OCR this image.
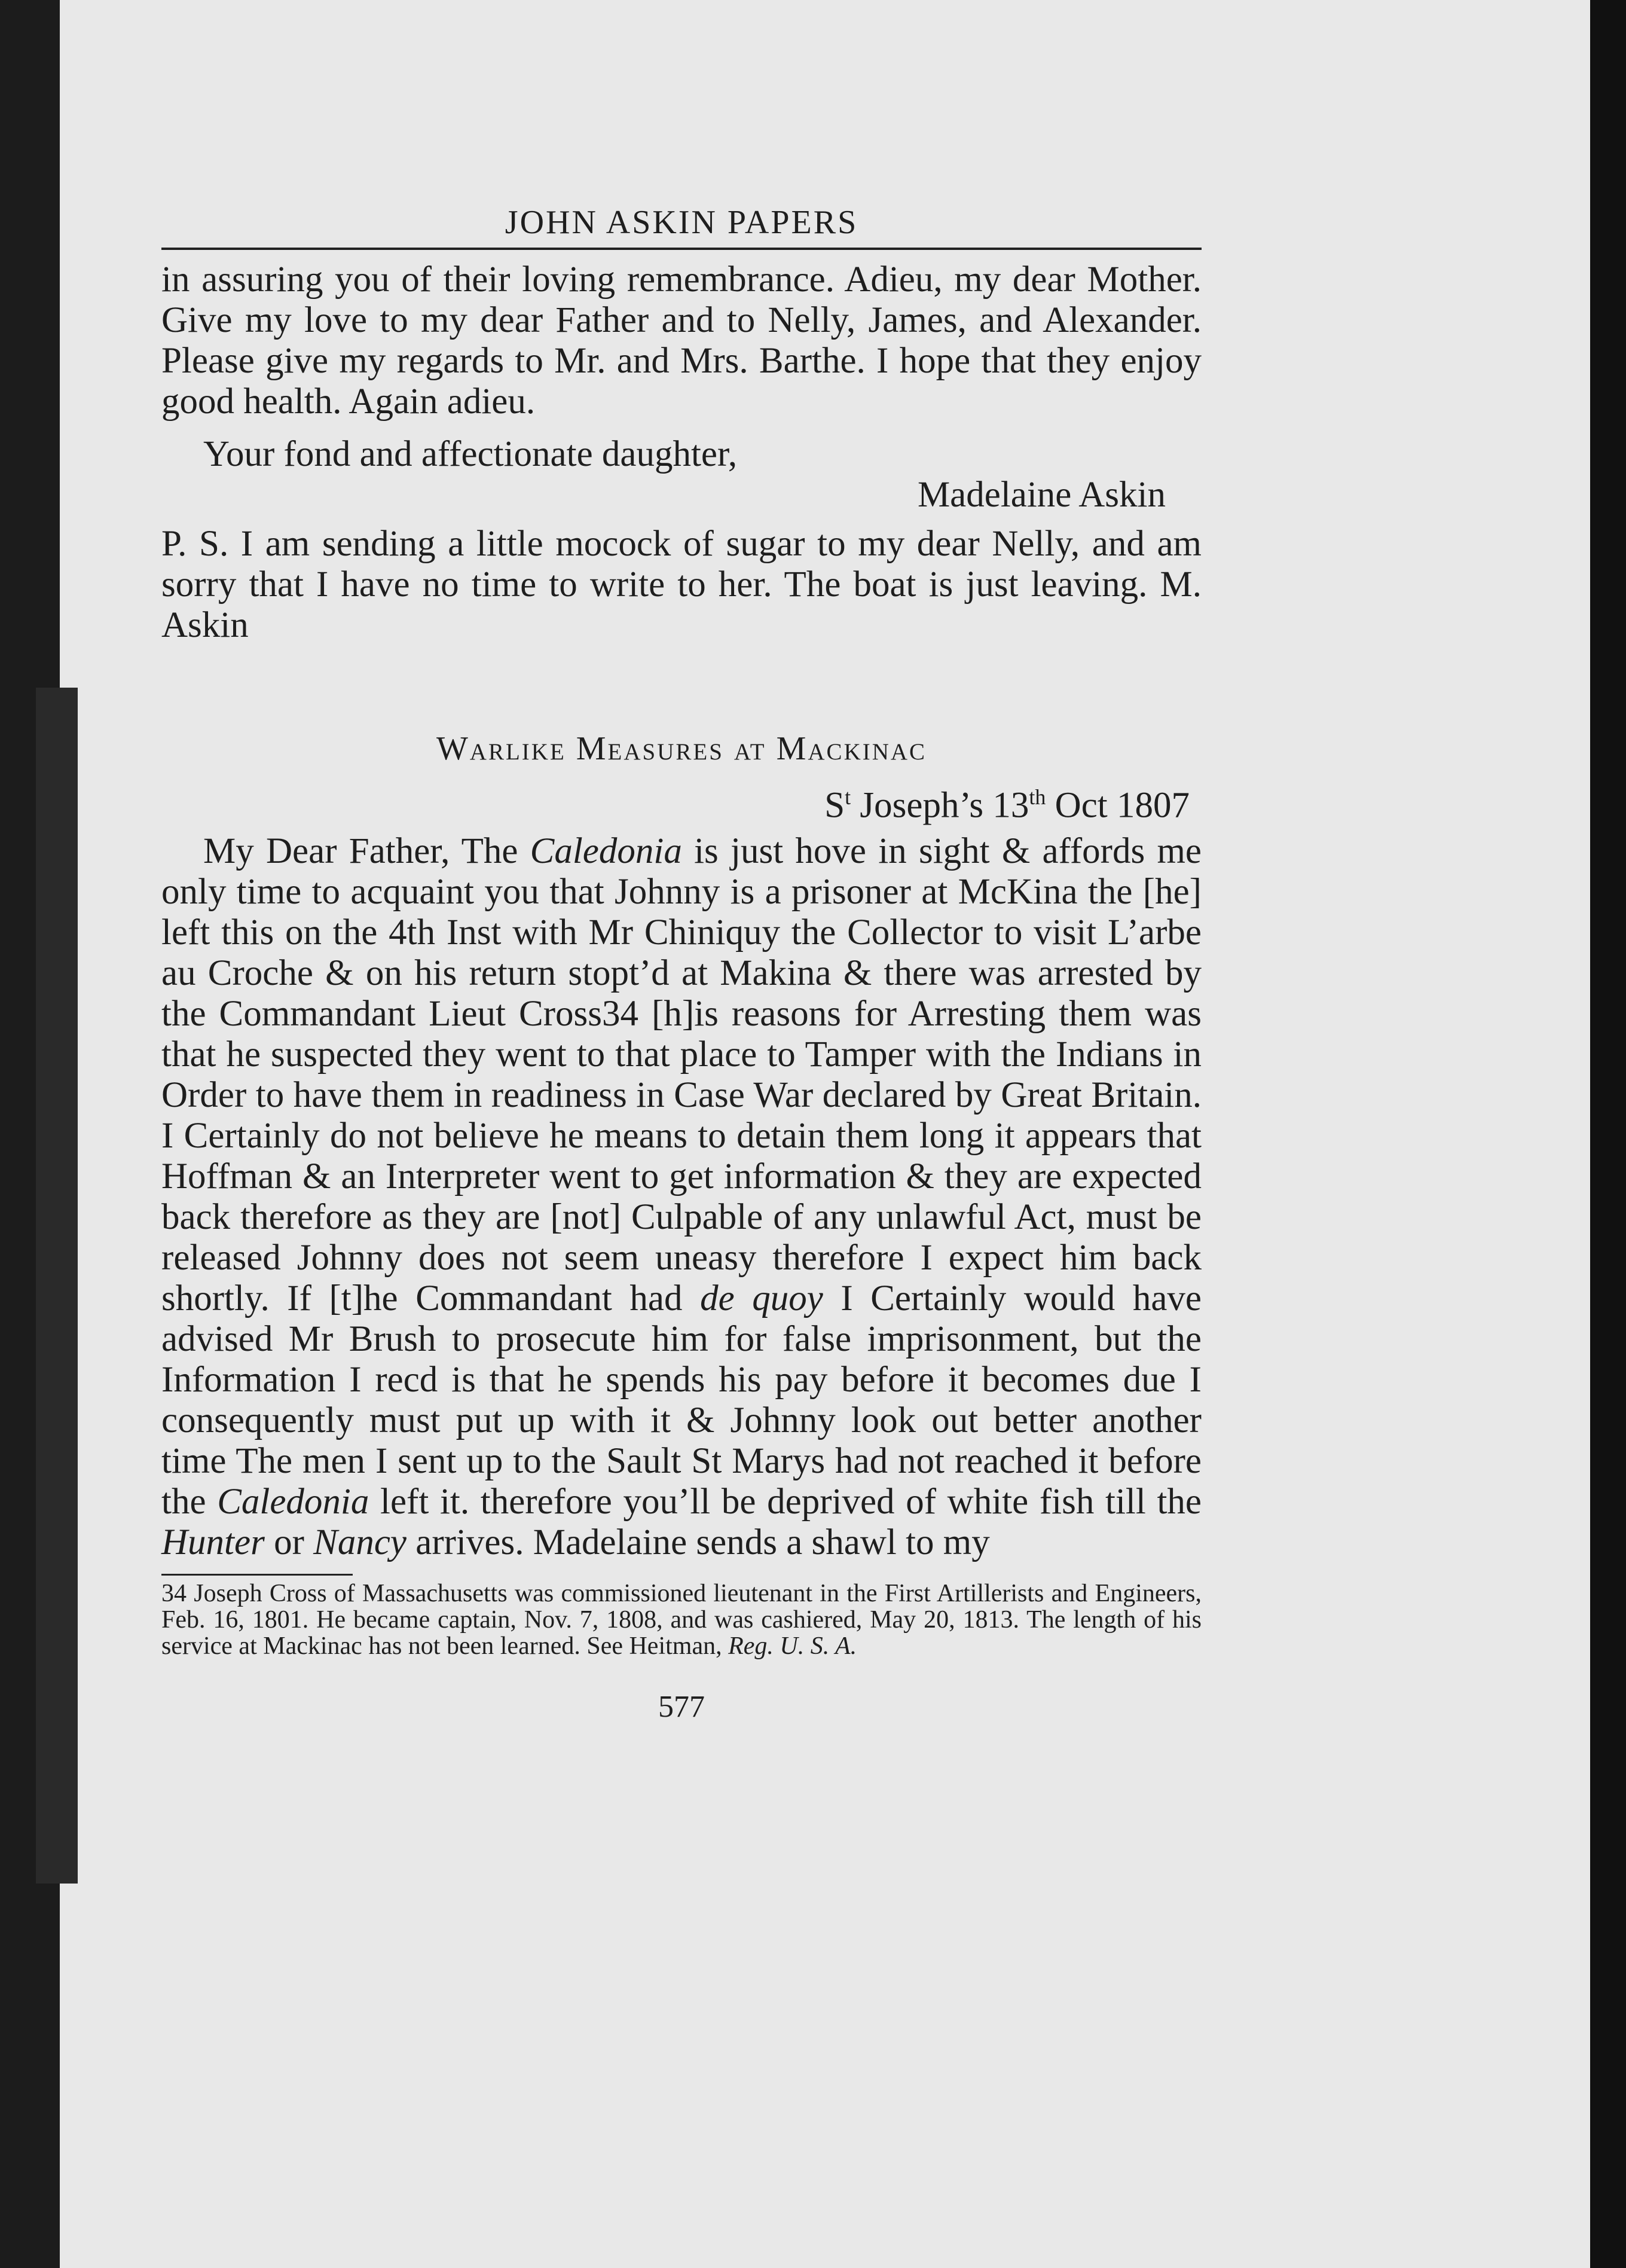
JOHN ASKIN PAPERS

in assuring you of their loving remembrance. Adieu, my dear Mother. Give my love to my dear Father and to Nelly, James, and Alexander. Please give my regards to Mr. and Mrs. Barthe. I hope that they enjoy good health. Again adieu.

Your fond and affectionate daughter,

Madelaine Askin

P. S. I am sending a little mocock of sugar to my dear Nelly, and am sorry that I have no time to write to her. The boat is just leaving. M. Askin

Warlike Measures at Mackinac
$S^t$ Joseph’s 13th Oct 1807

My Dear Father, The Caledonia is just hove in sight & affords me only time to acquaint you that Johnny is a prisoner at McKina the [he] left this on the 4th Inst with Mr Chiniquy the Collector to visit L’arbe au Croche & on his return stopt’d at Makina & there was arrested by the Commandant Lieut Cross34 [h]is reasons for Arresting them was that he suspected they went to that place to Tamper with the Indians in Order to have them in readiness in Case War declared by Great Britain. I Certainly do not believe he means to detain them long it appears that Hoffman & an Interpreter went to get information & they are expected back therefore as they are [not] Culpable of any unlawful Act, must be released Johnny does not seem uneasy therefore I expect him back shortly. If [t]he Commandant had de quoy I Certainly would have advised Mr Brush to prosecute him for false imprisonment, but the Information I recd is that he spends his pay before it becomes due I consequently must put up with it & Johnny look out better another time The men I sent up to the Sault St Marys had not reached it before the Caledonia left it. therefore you’ll be deprived of white fish till the Hunter or Nancy arrives. Madelaine sends a shawl to my

34 Joseph Cross of Massachusetts was commissioned lieutenant in the First Artillerists and Engineers, Feb. 16, 1801. He became captain, Nov. 7, 1808, and was cashiered, May 20, 1813. The length of his service at Mackinac has not been learned. See Heitman, Reg. U. S. A.

577
